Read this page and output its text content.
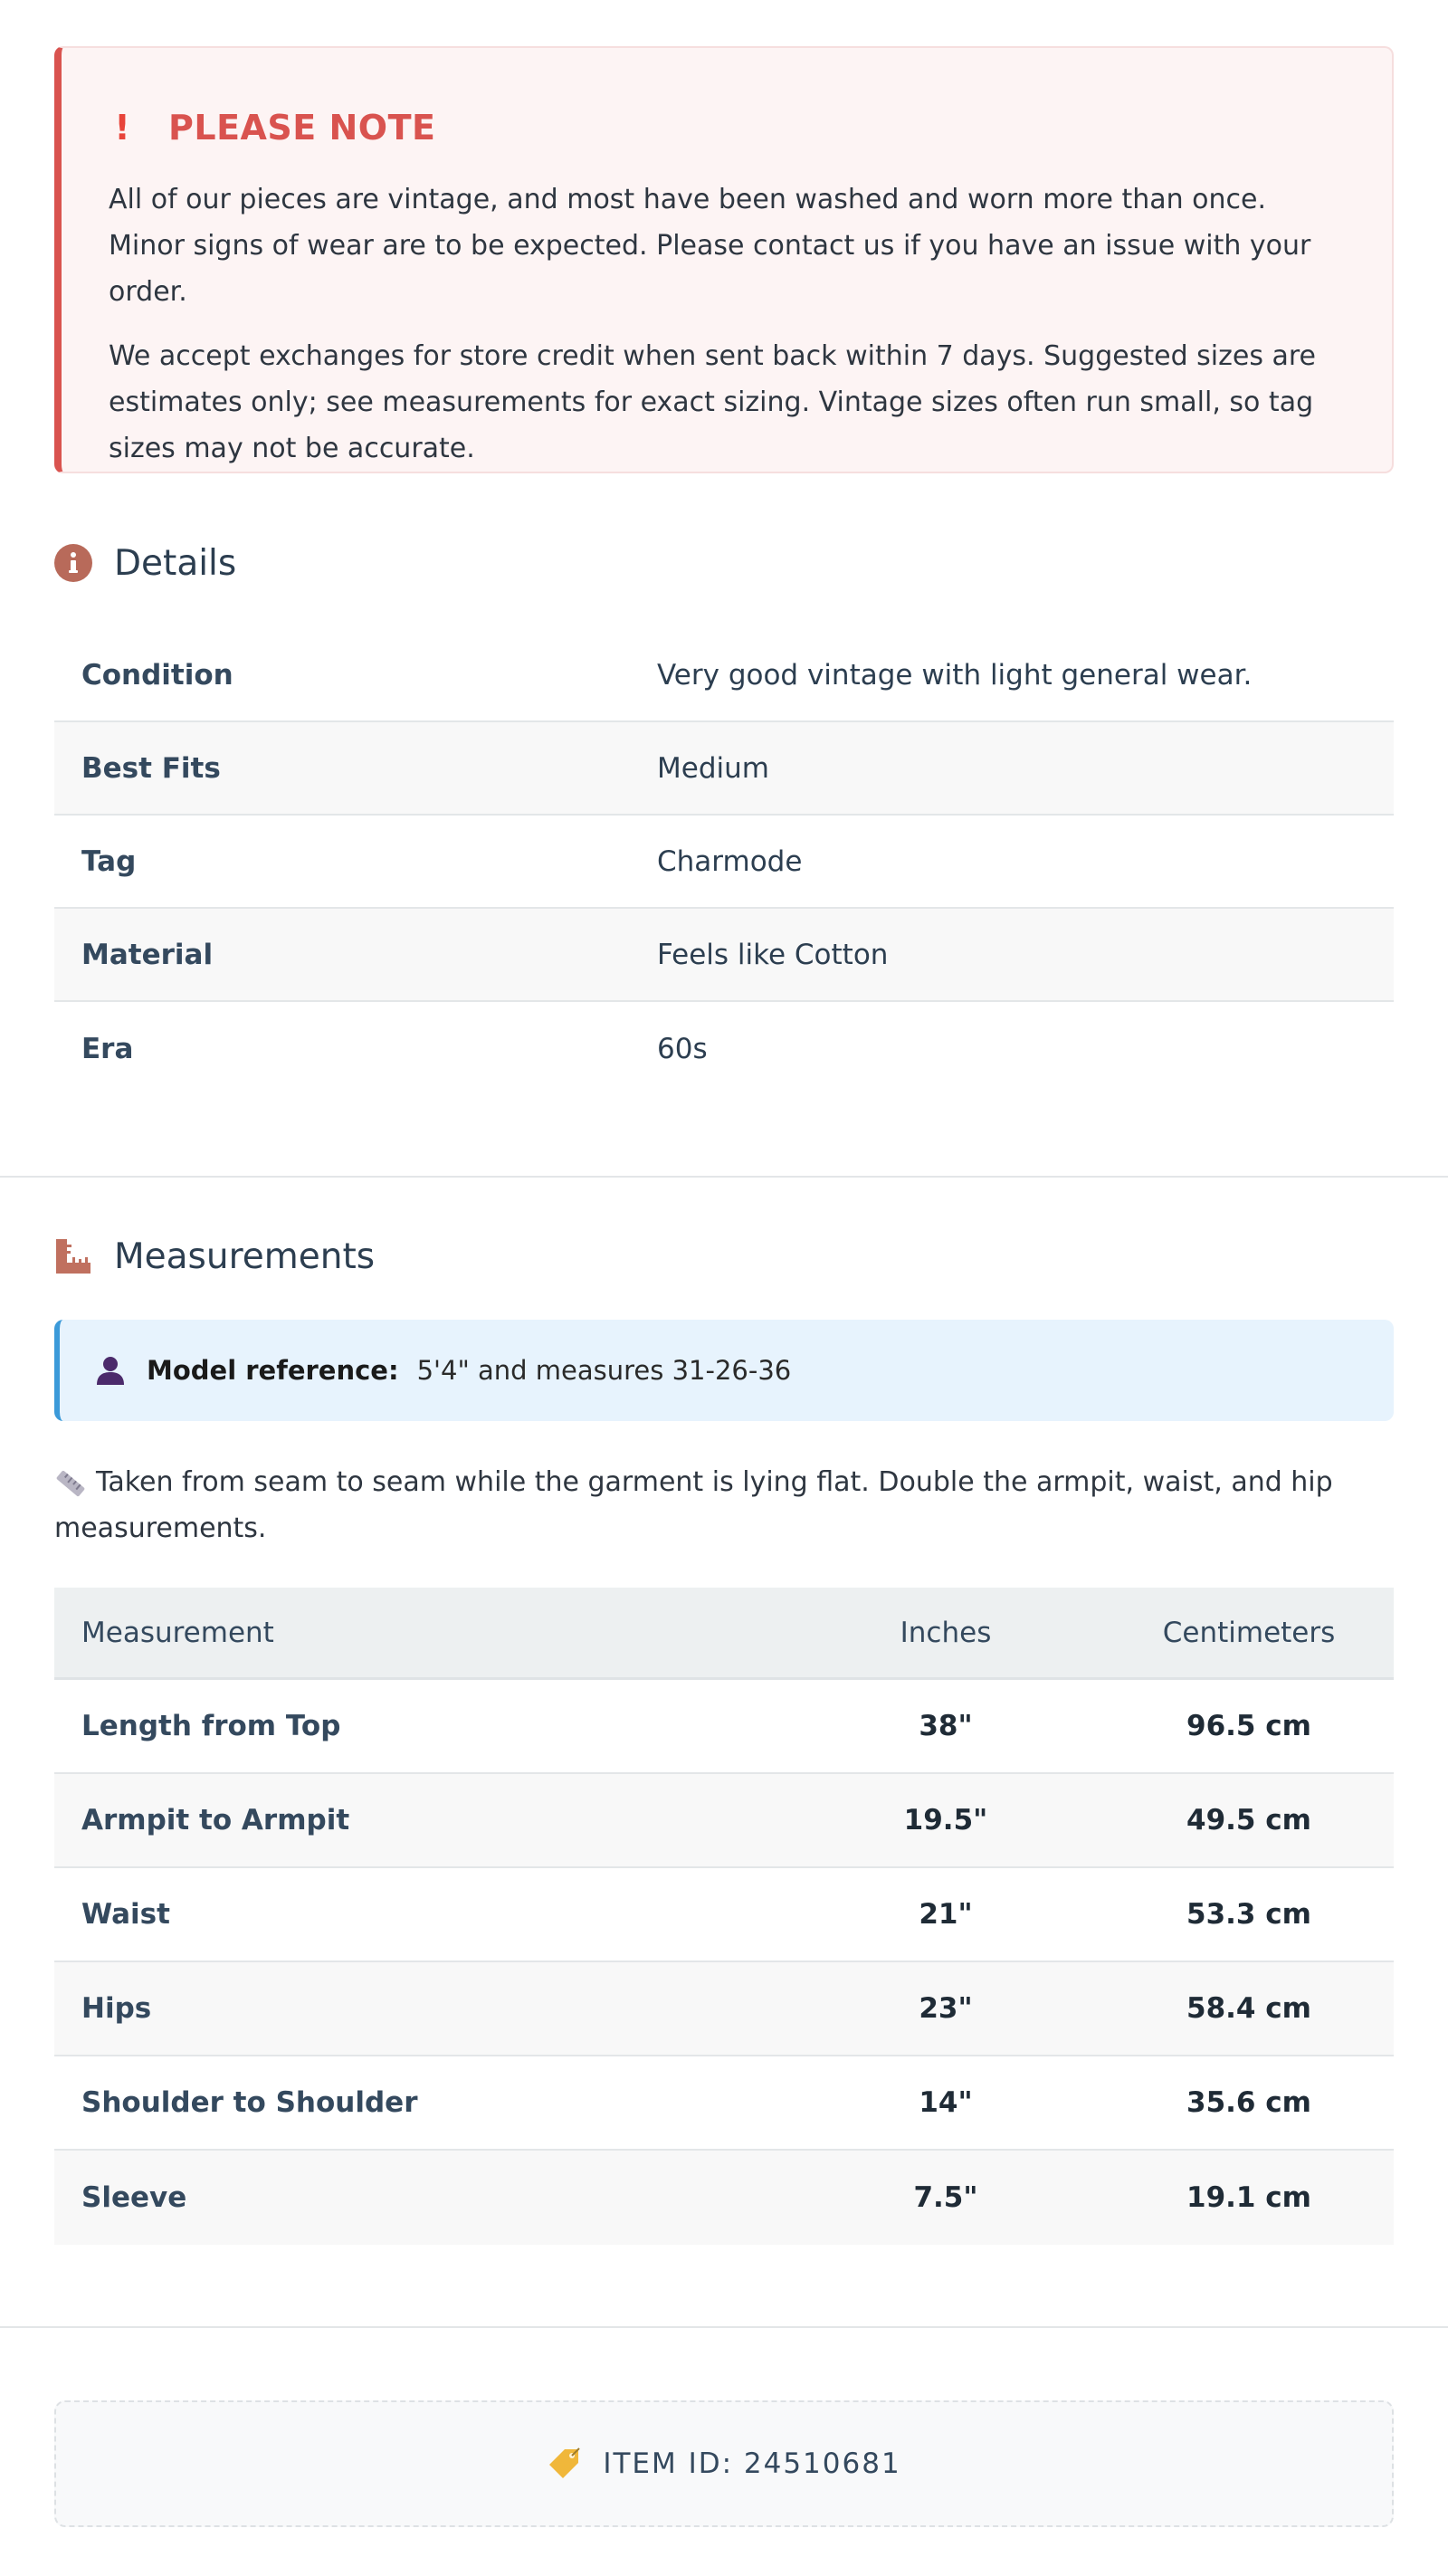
! PLEASE NOTE

All of our pieces are vintage, and most have been washed and worn more than once. Minor signs of wear are to be expected. Please contact us if you have an issue with your order.

We accept exchanges for store credit when sent back within 7 days. Suggested sizes are estimates only; see measurements for exact sizing. Vintage sizes often run small, so tag sizes may not be accurate.

Details
Condition	Very good vintage with light general wear.
Best Fits	Medium
Tag	Charmode
Material	Feels like Cotton
Era	60s
Measurements
Model reference: 5'4" and measures 31-26-36
Taken from seam to seam while the garment is lying flat. Double the armpit, waist, and hip measurements.
Measurement	Inches	Centimeters
Length from Top	38"	96.5 cm
Armpit to Armpit	19.5"	49.5 cm
Waist	21"	53.3 cm
Hips	23"	58.4 cm
Shoulder to Shoulder	14"	35.6 cm
Sleeve	7.5"	19.1 cm
ITEM ID: 24510681
